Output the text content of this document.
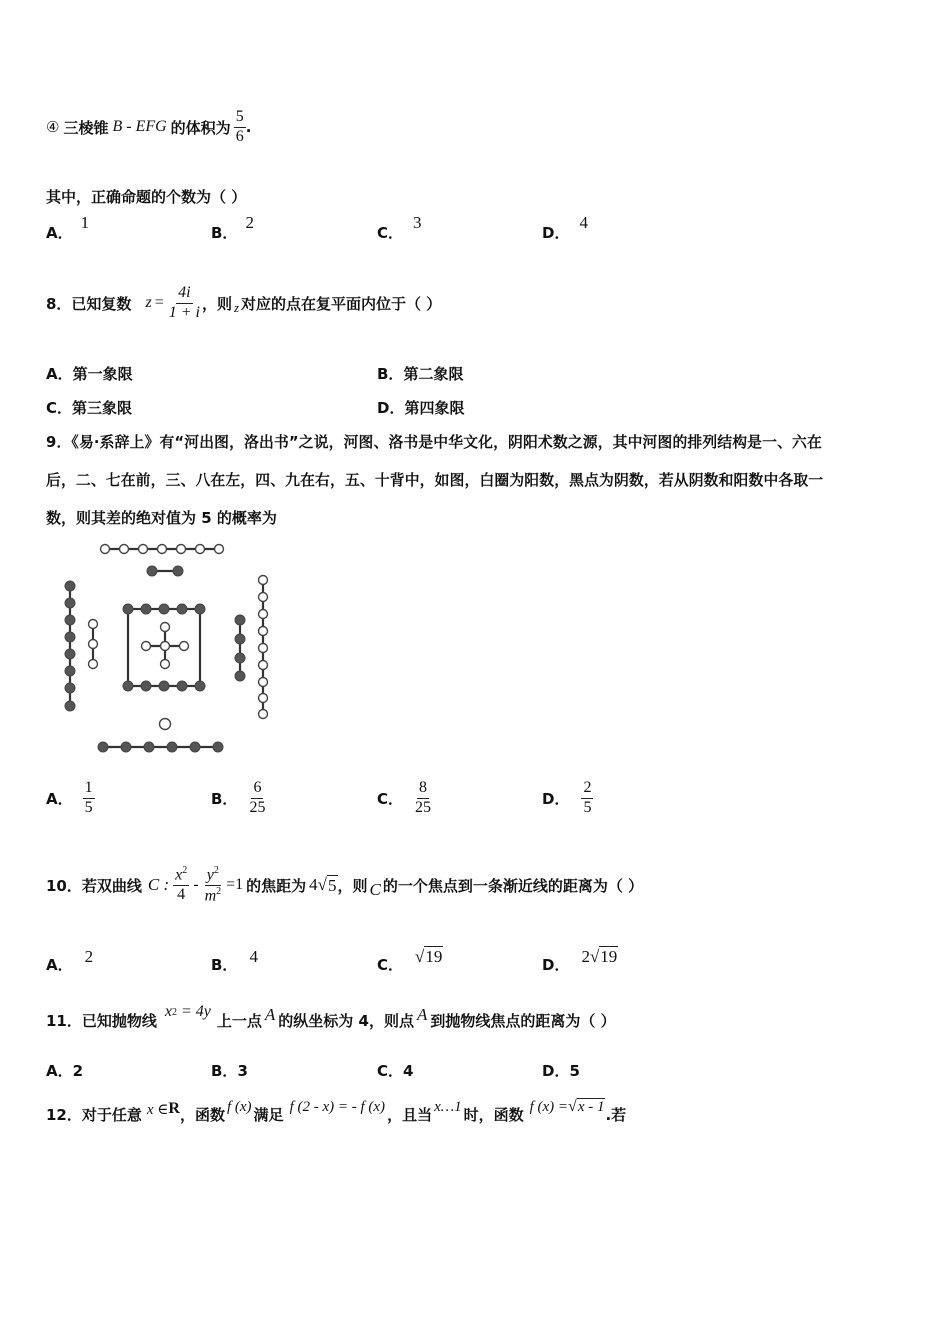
④ 三棱锥 B - EFG 的体积为 $\frac{5}{6}$ .
其中，正确命题的个数为（ ）
A．1
B．2
C．3
D．4
8．已知复数 $z = \frac{4i}{1 + i}$ ，则 z 对应的点在复平面内位于（ ）
A．第一象限	B．第二象限
C．第三象限	D．第四象限
9．《易·系辞上》有“河出图，洛出书”之说，河图、洛书是中华文化，阴阳术数之源，其中河图的排列结构是一、六在
后，二、七在前，三、八在左，四、九在右，五、十背中，如图，白圈为阳数，黑点为阴数，若从阴数和阳数中各取一
数，则其差的绝对值为 5 的概率为
A． $\frac{1}{5}$	B． $\frac{6}{25}$	C． $\frac{8}{25}$	D． $\frac{2}{5}$
10．若双曲线 C : $\frac{x^2}{4} - \frac{y^2}{m^2} =1$ 的焦距为 4 √ 5 ，则 C 的一个焦点到一条渐近线的距离为（ ）
A． 2	B． 4	C． √19	D． 2√19
11．已知抛物线 $x^2 = 4y$ 上一点 A 的纵坐标为 4，则点 A 到抛物线焦点的距离为（ ）
A．2	B．3	C．4	D．5
12．对于任意 x ∈ R ，函数 f (x) 满足 f (2 - x) = - f (x) ，且当 x…1 时，函数 f (x) = √ x - 1 .若
